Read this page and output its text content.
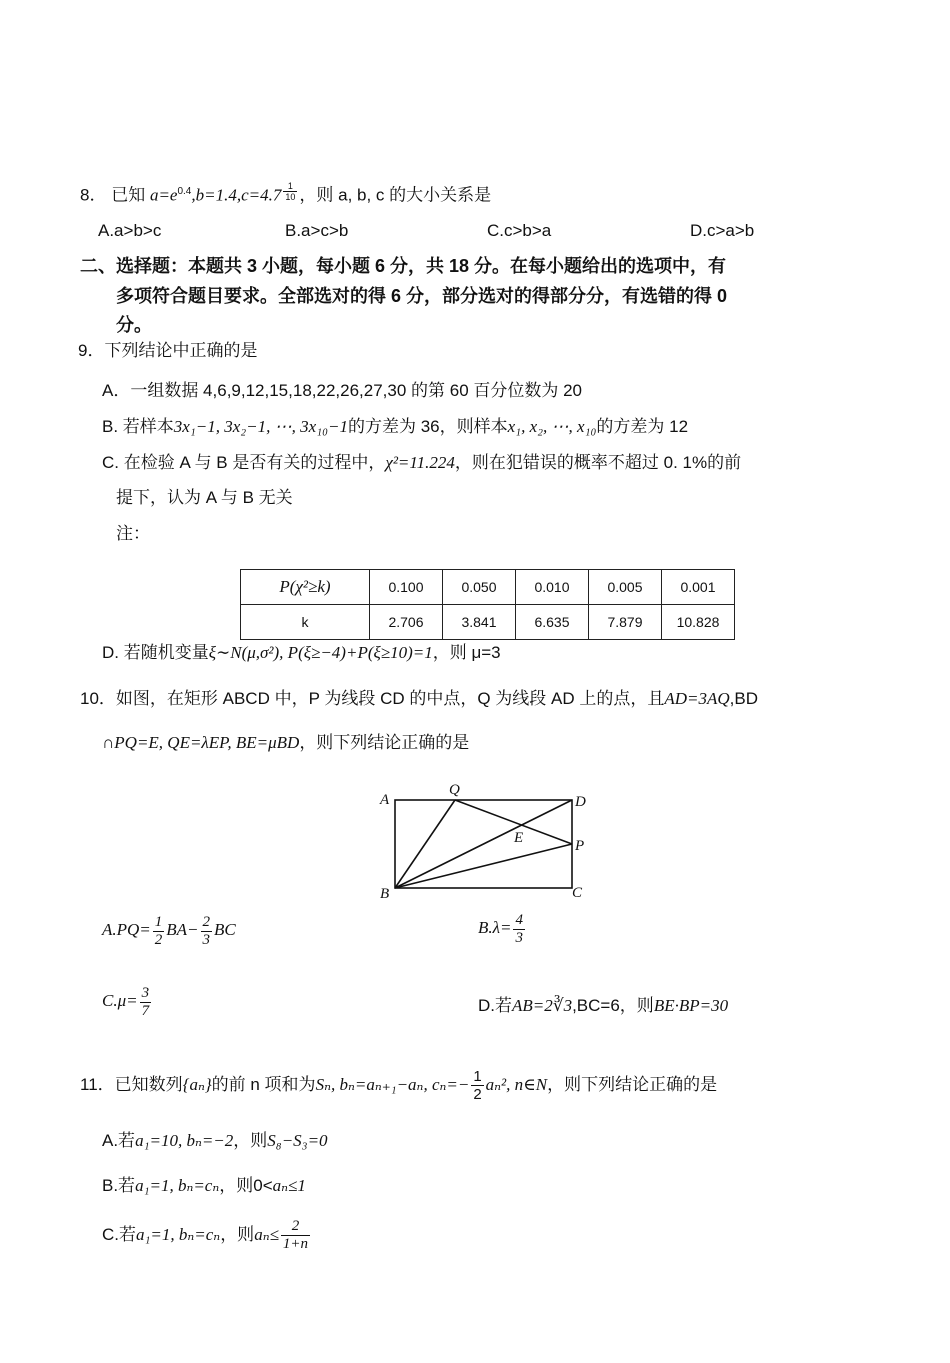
8． 已知 $a=e^{0.4},b=1.4,c=4.7$ $^{\frac{1}{10}}$ ，则 a, b, c 的大小关系是
A.a>b>c	B.a>c>b	C.c>b>a	D.c>a>b
二、选择题：本题共 3 小题，每小题 6 分，共 18 分。在每小题给出的选项中，有
多项符合题目要求。全部选对的得 6 分，部分选对的得部分分，有选错的得 0
分。
9．下列结论中正确的是
A．一组数据 4,6,9,12,15,18,22,26,27,30 的第 60 百分位数为 20
B. 若样本3x₁−1, 3x₂−1, ⋯, 3x₁₀−1的方差为 36，则样本x₁, x₂, ⋯, x₁₀的方差为 12
C. 在检验 A 与 B 是否有关的过程中，χ²=11.224，则在犯错误的概率不超过 0. 1%的前
提下，认为 A 与 B 无关
注：
P(χ²≥k)	0.100	0.050	0.010	0.005	0.001
k	2.706	3.841	6.635	7.879	10.828
D. 若随机变量ξ∼N(μ,σ²), P(ξ≥−4)+P(ξ≥10)=1，则 μ=3
10．如图，在矩形 ABCD 中，P 为线段 CD 的中点，Q 为线段 AD 上的点，且AD=3AQ,BD
∩PQ=E, QE=λEP, BE=μBD，则下列结论正确的是
A
Q
D
E	P
B	C
$A.PQ= \frac{1}{2} BA- \frac{2}{3}$ BC	$B.\lambda= \frac{4}{3}$
$C.\mu= \frac{3}{7}$	D.若AB=2∛3,BC=6，则BE·BP=30
11．已知数列{aₙ}的前 n 项和为Sₙ, bₙ=aₙ₊₁−aₙ, $c_n=- \frac{1}{2} a_n^2$, n∈N，则下列结论正确的是
A.若a₁=10, bₙ=−2，则S₈−S₃=0
B.若a₁=1, bₙ=cₙ，则0<aₙ≤1
C.若a₁=1, bₙ=cₙ，则$a_n\le \frac{2}{1+n}$
